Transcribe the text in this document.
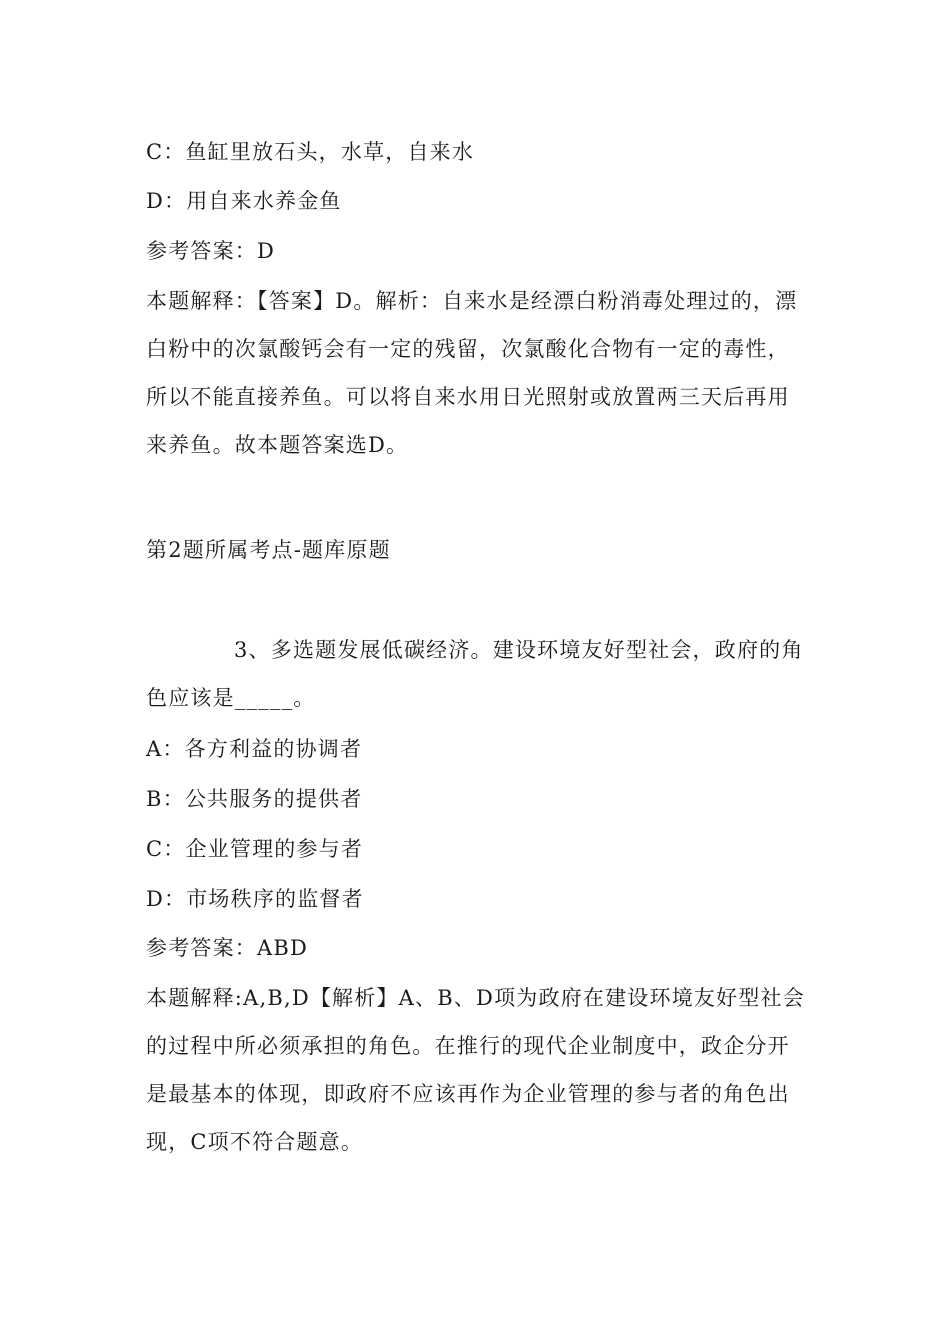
C：鱼缸里放石头，水草，自来水
D：用自来水养金鱼
参考答案：D
本题解释：【答案】D。解析：自来水是经漂白粉消毒处理过的，漂
白粉中的次氯酸钙会有一定的残留，次氯酸化合物有一定的毒性，
所以不能直接养鱼。可以将自来水用日光照射或放置两三天后再用
来养鱼。故本题答案选D。
第2题所属考点-题库原题
3、多选题发展低碳经济。建设环境友好型社会，政府的角
色应该是_____。
A：各方利益的协调者
B：公共服务的提供者
C：企业管理的参与者
D：市场秩序的监督者
参考答案：ABD
本题解释:A,B,D【解析】A、B、D项为政府在建设环境友好型社会
的过程中所必须承担的角色。在推行的现代企业制度中，政企分开
是最基本的体现，即政府不应该再作为企业管理的参与者的角色出
现，C项不符合题意。
